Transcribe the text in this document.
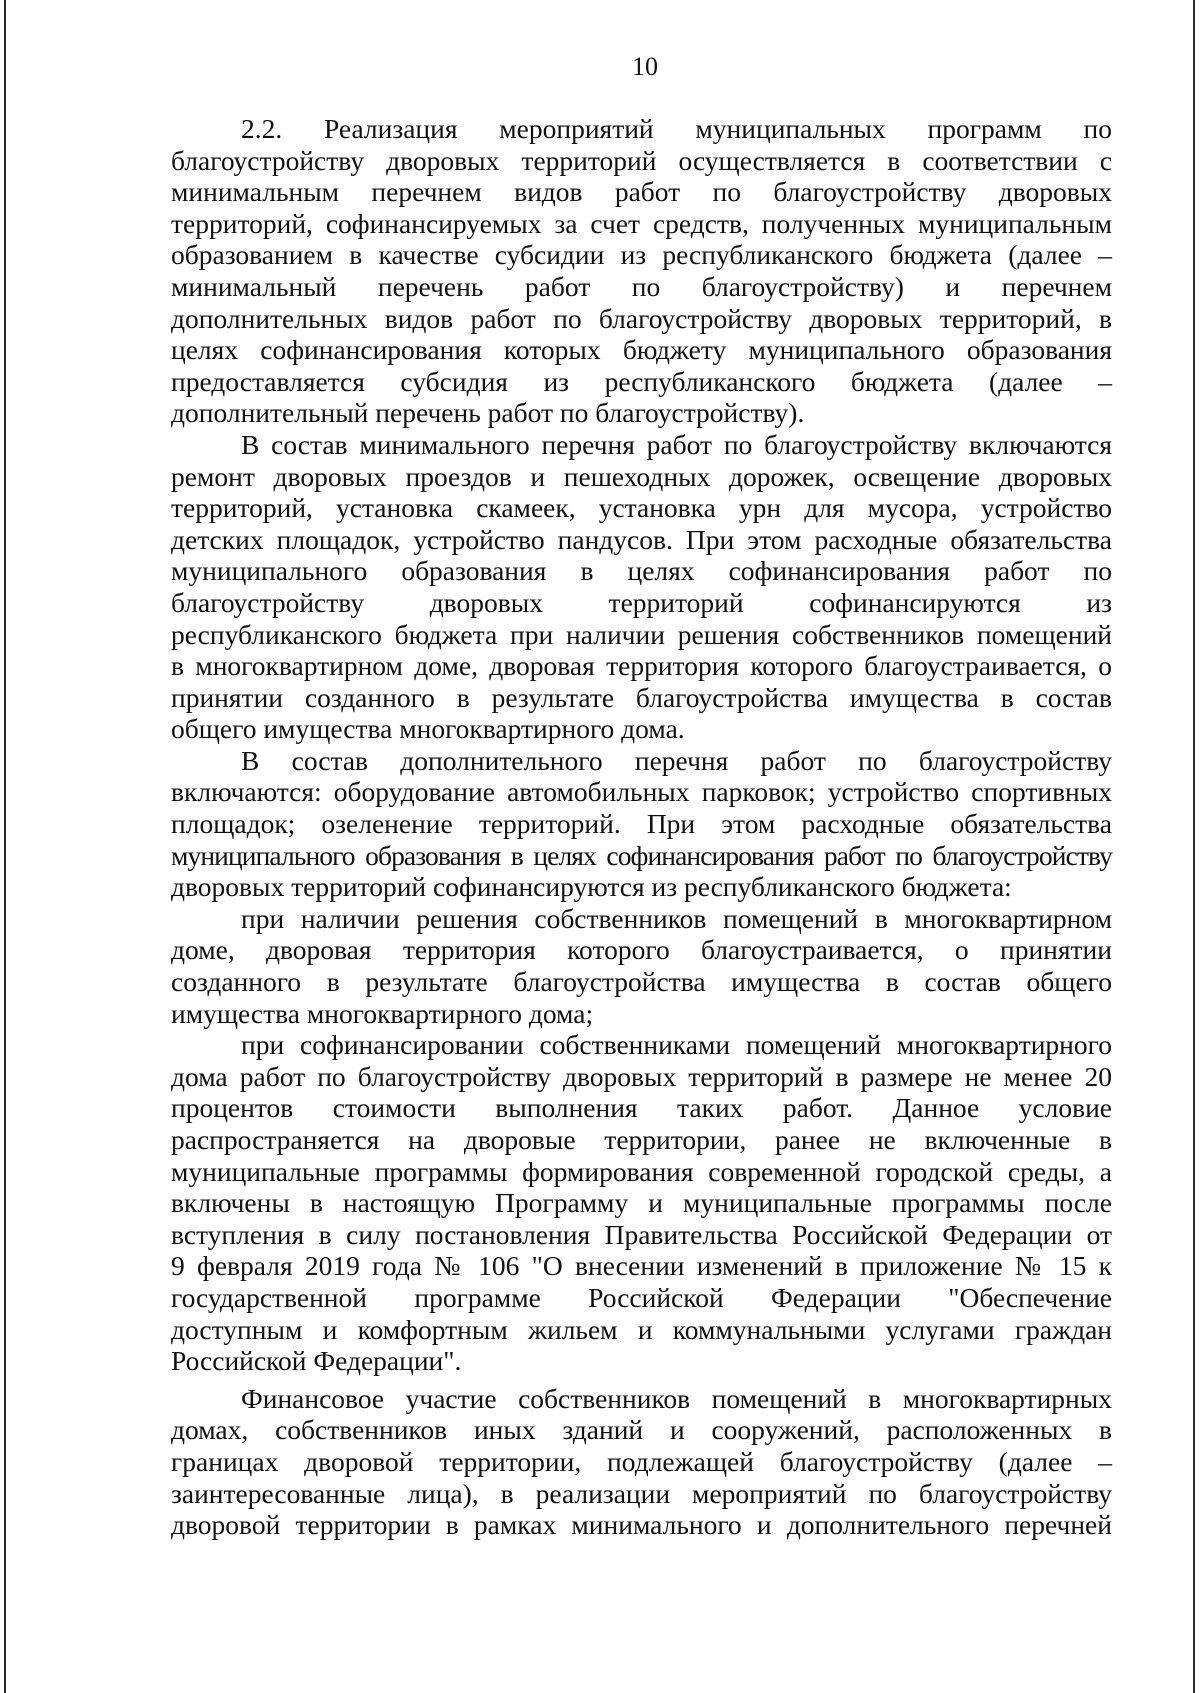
10
2.2. Реализация мероприятий муниципальных программ по
благоустройству дворовых территорий осуществляется в соответствии с
минимальным перечнем видов работ по благоустройству дворовых
территорий, софинансируемых за счет средств, полученных муниципальным
образованием в качестве субсидии из республиканского бюджета (далее –
минимальный перечень работ по благоустройству) и перечнем
дополнительных видов работ по благоустройству дворовых территорий, в
целях софинансирования которых бюджету муниципального образования
предоставляется субсидия из республиканского бюджета (далее –
дополнительный перечень работ по благоустройству).
В состав минимального перечня работ по благоустройству включаются
ремонт дворовых проездов и пешеходных дорожек, освещение дворовых
территорий, установка скамеек, установка урн для мусора, устройство
детских площадок, устройство пандусов. При этом расходные обязательства
муниципального образования в целях софинансирования работ по
благоустройству дворовых территорий софинансируются из
республиканского бюджета при наличии решения собственников помещений
в многоквартирном доме, дворовая территория которого благоустраивается, о
принятии созданного в результате благоустройства имущества в состав
общего имущества многоквартирного дома.
В состав дополнительного перечня работ по благоустройству
включаются: оборудование автомобильных парковок; устройство спортивных
площадок; озеленение территорий. При этом расходные обязательства
муниципального образования в целях софинансирования работ по благоустройству
дворовых территорий софинансируются из республиканского бюджета:
при наличии решения собственников помещений в многоквартирном
доме, дворовая территория которого благоустраивается, о принятии
созданного в результате благоустройства имущества в состав общего
имущества многоквартирного дома;
при софинансировании собственниками помещений многоквартирного
дома работ по благоустройству дворовых территорий в размере не менее 20
процентов стоимости выполнения таких работ. Данное условие
распространяется на дворовые территории, ранее не включенные в
муниципальные программы формирования современной городской среды, а
включены в настоящую Программу и муниципальные программы после
вступления в силу постановления Правительства Российской Федерации от
9 февраля 2019 года № 106 "О внесении изменений в приложение № 15 к
государственной программе Российской Федерации "Обеспечение
доступным и комфортным жильем и коммунальными услугами граждан
Российской Федерации".
Финансовое участие собственников помещений в многоквартирных
домах, собственников иных зданий и сооружений, расположенных в
границах дворовой территории, подлежащей благоустройству (далее –
заинтересованные лица), в реализации мероприятий по благоустройству
дворовой территории в рамках минимального и дополнительного перечней
